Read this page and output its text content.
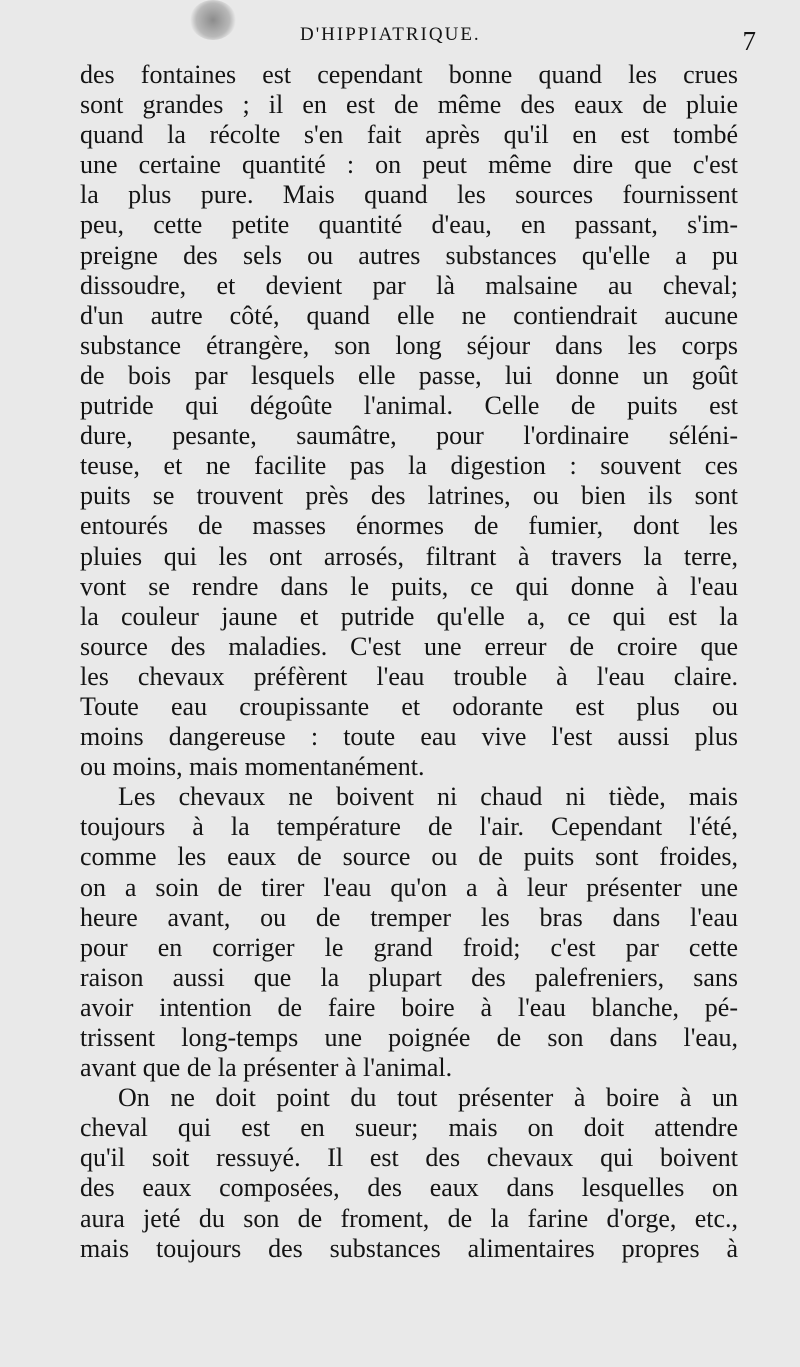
D'HIPPIATRIQUE.	7
des fontaines est cependant bonne quand les crues
sont grandes ; il en est de même des eaux de pluie
quand la récolte s'en fait après qu'il en est tombé
une certaine quantité : on peut même dire que c'est
la plus pure. Mais quand les sources fournissent
peu, cette petite quantité d'eau, en passant, s'im-
preigne des sels ou autres substances qu'elle a pu
dissoudre, et devient par là malsaine au cheval;
d'un autre côté, quand elle ne contiendrait aucune
substance étrangère, son long séjour dans les corps
de bois par lesquels elle passe, lui donne un goût
putride qui dégoûte l'animal. Celle de puits est
dure, pesante, saumâtre, pour l'ordinaire séléni-
teuse, et ne facilite pas la digestion : souvent ces
puits se trouvent près des latrines, ou bien ils sont
entourés de masses énormes de fumier, dont les
pluies qui les ont arrosés, filtrant à travers la terre,
vont se rendre dans le puits, ce qui donne à l'eau
la couleur jaune et putride qu'elle a, ce qui est la
source des maladies. C'est une erreur de croire que
les chevaux préfèrent l'eau trouble à l'eau claire.
Toute eau croupissante et odorante est plus ou
moins dangereuse : toute eau vive l'est aussi plus
ou moins, mais momentanément.
Les chevaux ne boivent ni chaud ni tiède, mais
toujours à la température de l'air. Cependant l'été,
comme les eaux de source ou de puits sont froides,
on a soin de tirer l'eau qu'on a à leur présenter une
heure avant, ou de tremper les bras dans l'eau
pour en corriger le grand froid; c'est par cette
raison aussi que la plupart des palefreniers, sans
avoir intention de faire boire à l'eau blanche, pé-
trissent long-temps une poignée de son dans l'eau,
avant que de la présenter à l'animal.
On ne doit point du tout présenter à boire à un
cheval qui est en sueur; mais on doit attendre
qu'il soit ressuyé. Il est des chevaux qui boivent
des eaux composées, des eaux dans lesquelles on
aura jeté du son de froment, de la farine d'orge, etc.,
mais toujours des substances alimentaires propres à
